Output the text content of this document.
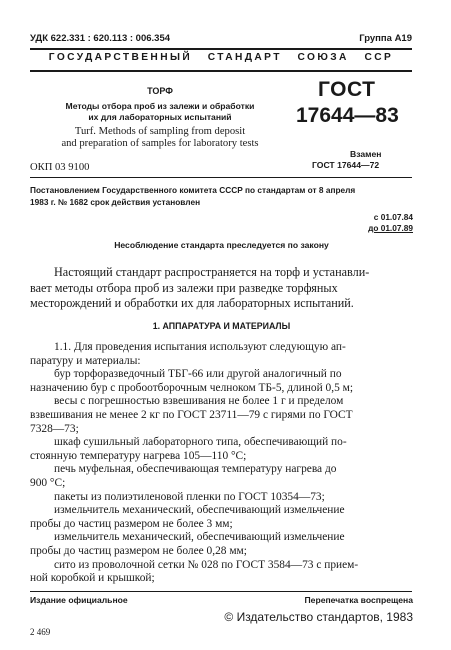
УДК 622.331 : 620.113 : 006.354	Группа А19
ГОСУДАРСТВЕННЫЙ   СТАНДАРТ   СОЮЗА   ССР
ТОРФ
Методы отбора проб из залежи и обработки
их для лабораторных испытаний
Turf. Methods of sampling from deposit
and preparation of samples for laboratory tests
ГОСТ
17644—83
Взамен
ГОСТ 17644—72
ОКП 03 9100
Постановлением Государственного комитета СССР по стандартам от 8 апреля
1983 г. № 1682 срок действия установлен
с 01.07.84
до 01.07.89
Несоблюдение стандарта преследуется по закону
Настоящий стандарт распространяется на торф и устанавли-
вает методы отбора проб из залежи при разведке торфяных
месторождений и обработки их для лабораторных испытаний.
1. АППАРАТУРА И МАТЕРИАЛЫ
1.1. Для проведения испытания используют следующую ап-
паратуру и материалы:
бур торфоразведочный ТБГ-66 или другой аналогичный по
назначению бур с пробоотборочным челноком ТБ-5, длиной 0,5 м;
весы с погрешностью взвешивания не более 1 г и пределом
взвешивания не менее 2 кг по ГОСТ 23711—79 с гирями по ГОСТ
7328—73;
шкаф сушильный лабораторного типа, обеспечивающий по-
стоянную температуру нагрева 105—110 °С;
печь муфельная, обеспечивающая температуру нагрева до
900 °С;
пакеты из полиэтиленовой пленки по ГОСТ 10354—73;
измельчитель механический, обеспечивающий измельчение
пробы до частиц размером не более 3 мм;
измельчитель механический, обеспечивающий измельчение
пробы до частиц размером не более 0,28 мм;
сито из проволочной сетки № 028 по ГОСТ 3584—73 с прием-
ной коробкой и крышкой;
Издание официальное	Перепечатка воспрещена
© Издательство стандартов, 1983
2 469
